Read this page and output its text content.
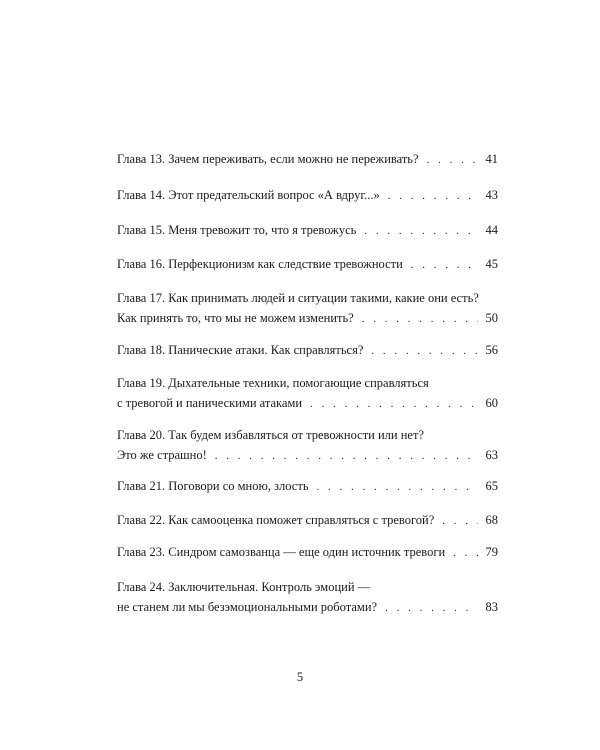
Глава 13. Зачем переживать, если можно не переживать? . . .	41
Глава 14. Этот предательский вопрос «А вдруг...» . . .	43
Глава 15. Меня тревожит то, что я тревожусь . . .	44
Глава 16. Перфекционизм как следствие тревожности . . .	45
Глава 17. Как принимать людей и ситуации такими, какие они есть?
Как принять то, что мы не можем изменить? . . .	50
Глава 18. Панические атаки. Как справляться? . . .	56
Глава 19. Дыхательные техники, помогающие справляться
с тревогой и паническими атаками . . .	60
Глава 20. Так будем избавляться от тревожности или нет?
Это же страшно! . . .	63
Глава 21. Поговори со мною, злость . . .	65
Глава 22. Как самооценка поможет справляться с тревогой? . . .	68
Глава 23. Синдром самозванца — еще один источник тревоги . . .	79
Глава 24. Заключительная. Контроль эмоций —
не станем ли мы безэмоциональными роботами? . . .	83
5
